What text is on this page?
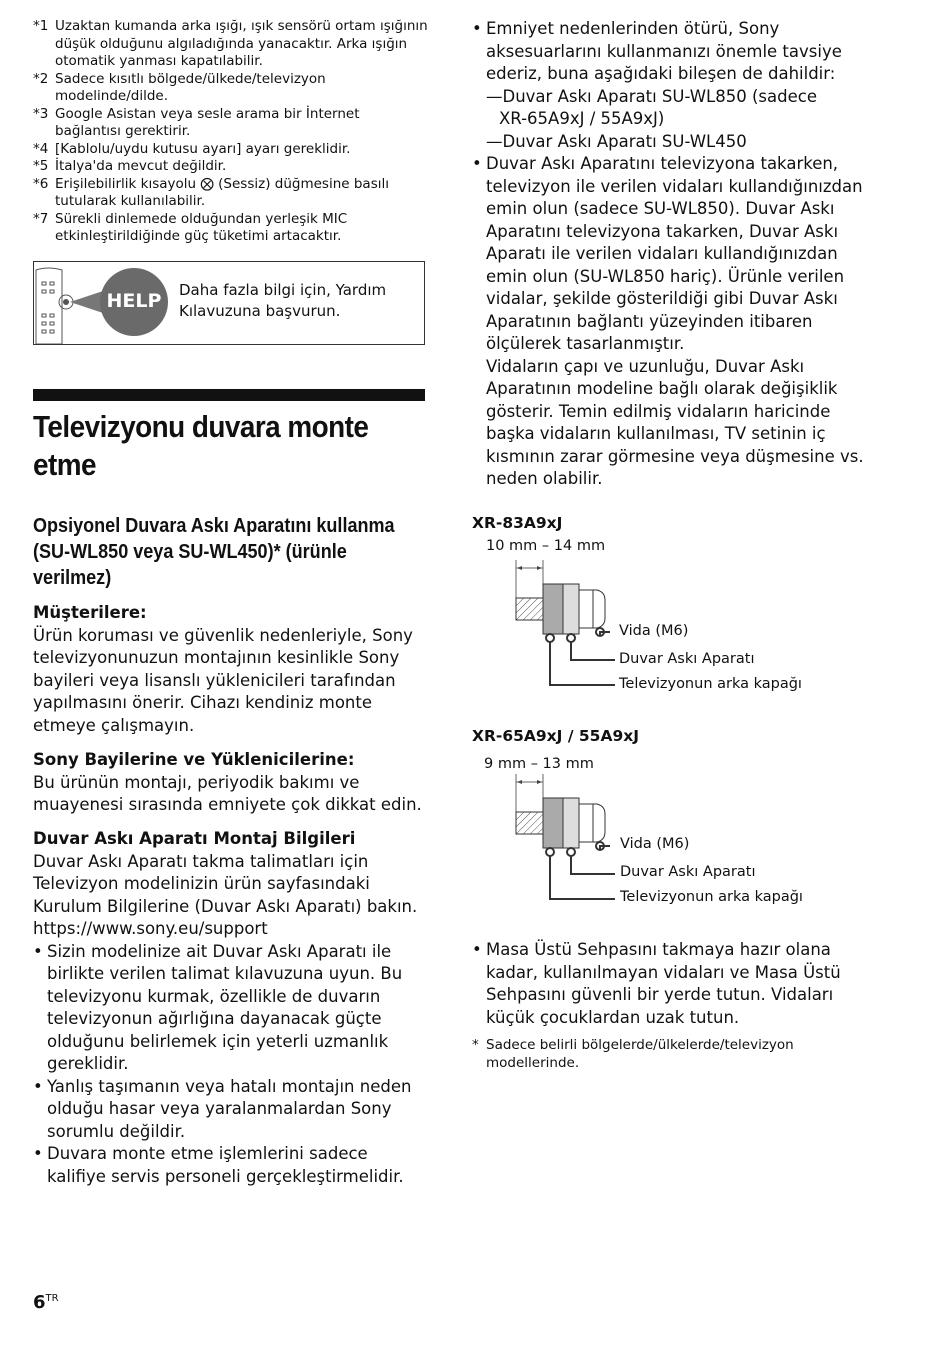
*1 Uzaktan kumanda arka ışığı, ışık sensörü ortam ışığının düşük olduğunu algıladığında yanacaktır. Arka ışığın otomatik yanması kapatılabilir.
*2 Sadece kısıtlı bölgede/ülkede/televizyon modelinde/dilde.
*3 Google Asistan veya sesle arama bir İnternet bağlantısı gerektirir.
*4 [Kablolu/uydu kutusu ayarı] ayarı gereklidir.
*5 İtalya'da mevcut değildir.
*6 Erişilebilirlik kısayolu ⨂ (Sessiz) düğmesine basılı tutularak kullanılabilir.
*7 Sürekli dinlemede olduğundan yerleşik MIC etkinleştirildiğinde güç tüketimi artacaktır.
HELP	Daha fazla bilgi için, Yardım Kılavuzuna başvurun.
Televizyonu duvara monte etme
Opsiyonel Duvara Askı Aparatını kullanma (SU-WL850 veya SU-WL450)* (ürünle verilmez)
Müşterilere:
Ürün koruması ve güvenlik nedenleriyle, Sony televizyonunuzun montajının kesinlikle Sony bayileri veya lisanslı yüklenicileri tarafından yapılmasını önerir. Cihazı kendiniz monte etmeye çalışmayın.
Sony Bayilerine ve Yüklenicilerine:
Bu ürünün montajı, periyodik bakımı ve muayenesi sırasında emniyete çok dikkat edin.
Duvar Askı Aparatı Montaj Bilgileri
Duvar Askı Aparatı takma talimatları için Televizyon modelinizin ürün sayfasındaki Kurulum Bilgilerine (Duvar Askı Aparatı) bakın.
https://www.sony.eu/support
• Sizin modelinize ait Duvar Askı Aparatı ile birlikte verilen talimat kılavuzuna uyun. Bu televizyonu kurmak, özellikle de duvarın televizyonun ağırlığına dayanacak güçte olduğunu belirlemek için yeterli uzmanlık gereklidir.
• Yanlış taşımanın veya hatalı montajın neden olduğu hasar veya yaralanmalardan Sony sorumlu değildir.
• Duvara monte etme işlemlerini sadece kalifiye servis personeli gerçekleştirmelidir.
• Emniyet nedenlerinden ötürü, Sony aksesuarlarını kullanmanızı önemle tavsiye ederiz, buna aşağıdaki bileşen de dahildir:
—Duvar Askı Aparatı SU-WL850 (sadece
XR-65A9xJ / 55A9xJ)
—Duvar Askı Aparatı SU-WL450
• Duvar Askı Aparatını televizyona takarken, televizyon ile verilen vidaları kullandığınızdan emin olun (sadece SU-WL850). Duvar Askı Aparatını televizyona takarken, Duvar Askı Aparatı ile verilen vidaları kullandığınızdan emin olun (SU-WL850 hariç). Ürünle verilen vidalar, şekilde gösterildiği gibi Duvar Askı Aparatının bağlantı yüzeyinden itibaren ölçülerek tasarlanmıştır.
Vidaların çapı ve uzunluğu, Duvar Askı Aparatının modeline bağlı olarak değişiklik gösterir. Temin edilmiş vidaların haricinde başka vidaların kullanılması, TV setinin iç kısmının zarar görmesine veya düşmesine vs. neden olabilir.
XR-83A9xJ
10 mm – 14 mm
Vida (M6)
Duvar Askı Aparatı
Televizyonun arka kapağı
XR-65A9xJ / 55A9xJ
9 mm – 13 mm
Vida (M6)
Duvar Askı Aparatı
Televizyonun arka kapağı
• Masa Üstü Sehpasını takmaya hazır olana kadar, kullanılmayan vidaları ve Masa Üstü Sehpasını güvenli bir yerde tutun. Vidaları küçük çocuklardan uzak tutun.
* Sadece belirli bölgelerde/ülkelerde/televizyon modellerinde.
$6^{TR}$
